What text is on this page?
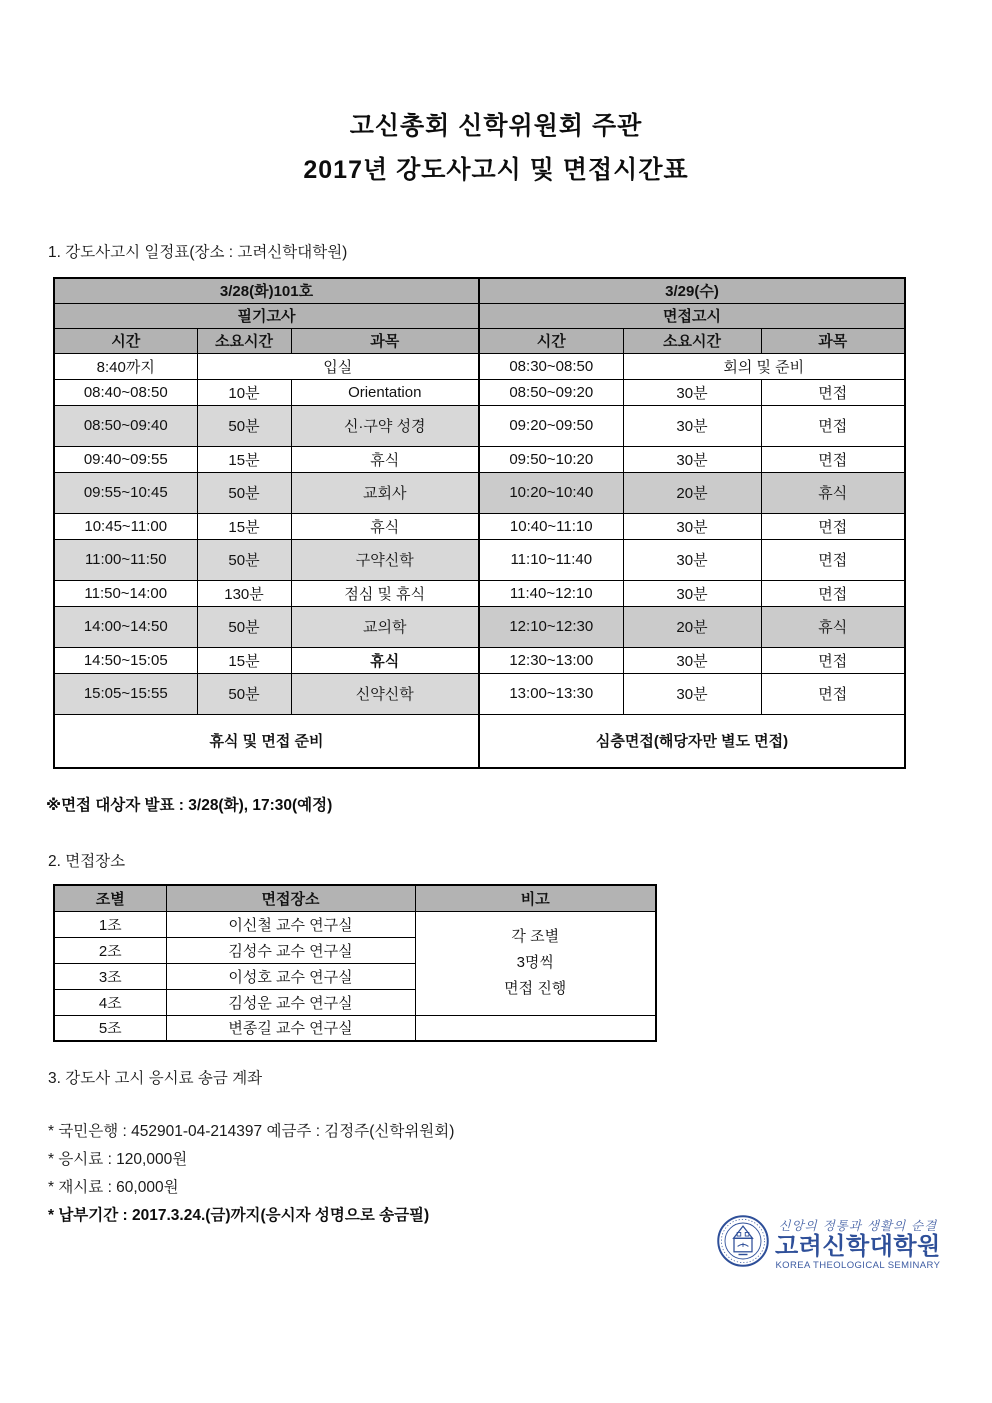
고신총회 신학위원회 주관
2017년 강도사고시 및 면접시간표
1. 강도사고시 일정표(장소 : 고려신학대학원)
3/28(화)101호			3/29(수)		
필기고사			면접고시		
시간	소요시간	과목	시간	소요시간	과목
8:40까지	입실		08:30~08:50	회의 및 준비	
08:40~08:50	10분	Orientation	08:50~09:20	30분	면접
08:50~09:40	50분	신·구약 성경	09:20~09:50	30분	면접
09:40~09:55	15분	휴식	09:50~10:20	30분	면접
09:55~10:45	50분	교회사	10:20~10:40	20분	휴식
10:45~11:00	15분	휴식	10:40~11:10	30분	면접
11:00~11:50	50분	구약신학	11:10~11:40	30분	면접
11:50~14:00	130분	점심 및 휴식	11:40~12:10	30분	면접
14:00~14:50	50분	교의학	12:10~12:30	20분	휴식
14:50~15:05	15분	휴식	12:30~13:00	30분	면접
15:05~15:55	50분	신약신학	13:00~13:30	30분	면접
휴식 및 면접 준비			심층면접(해당자만 별도 면접)		
※면접 대상자 발표 : 3/28(화), 17:30(예정)
2. 면접장소
조별	면접장소	비고
1조	이신철 교수 연구실	각 조별
3명씩
면접 진행

2조	김성수 교수 연구실	
3조	이성호 교수 연구실	
4조	김성운 교수 연구실	
5조	변종길 교수 연구실	
3. 강도사 고시 응시료 송금 계좌
* 국민은행 : 452901-04-214397 예금주 : 김정주(신학위원회)
* 응시료 : 120,000원
* 재시료 : 60,000원
* 납부기간 : 2017.3.24.(금)까지(응시자 성명으로 송금필)
신앙의 정통과 생활의 순결
고려신학대학원
KOREA THEOLOGICAL SEMINARY
